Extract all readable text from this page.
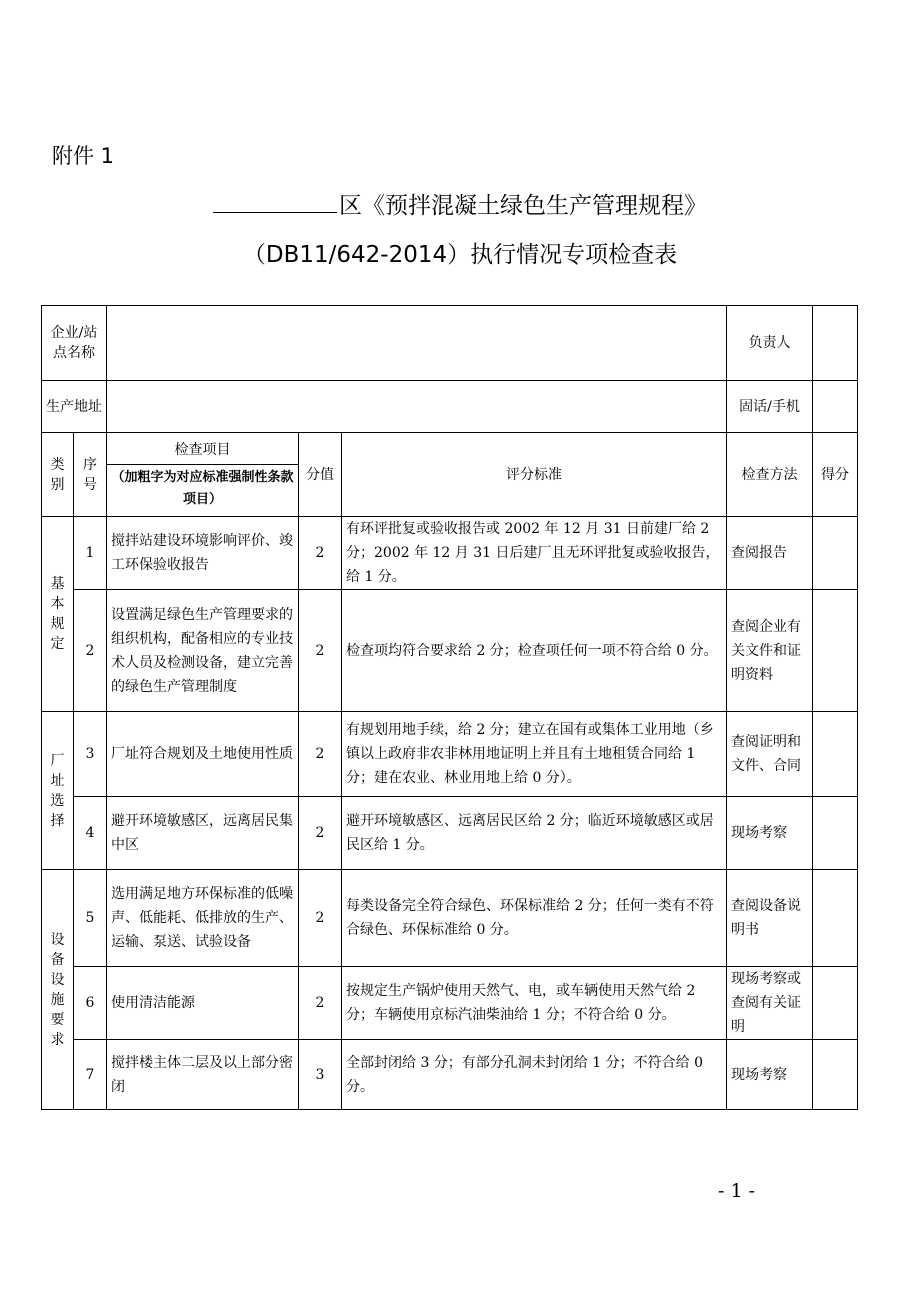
附件 1
区《预拌混凝土绿色生产管理规程》
（DB11/642-2014）执行情况专项检查表
企业/站点名称					负责人	
生产地址					固话/手机	
类别	序号	检查项目
（加粗字为对应标准强制性条款项目）	分值	评分标准	检查方法	得分
基本规定	1	搅拌站建设环境影响评价、竣工环保验收报告	2	有环评批复或验收报告或 2002 年 12 月 31 日前建厂给 2 分；2002 年 12 月 31 日后建厂且无环评批复或验收报告，给 1 分。	查阅报告	
	2	设置满足绿色生产管理要求的组织机构，配备相应的专业技术人员及检测设备，建立完善的绿色生产管理制度	2	检查项均符合要求给 2 分；检查项任何一项不符合给 0 分。	查阅企业有关文件和证明资料	
厂址选择	3	厂址符合规划及土地使用性质	2	有规划用地手续，给 2 分；建立在国有或集体工业用地（乡镇以上政府非农非林用地证明上并且有土地租赁合同给 1 分；建在农业、林业用地上给 0 分）。	查阅证明和文件、合同	
	4	避开环境敏感区，远离居民集中区	2	避开环境敏感区、远离居民区给 2 分；临近环境敏感区或居民区给 1 分。	现场考察	
设备设施要求	5	选用满足地方环保标准的低噪声、低能耗、低排放的生产、运输、泵送、试验设备	2	每类设备完全符合绿色、环保标准给 2 分；任何一类有不符合绿色、环保标准给 0 分。	查阅设备说明书	
	6	使用清洁能源	2	按规定生产锅炉使用天然气、电，或车辆使用天然气给 2 分；车辆使用京标汽油柴油给 1 分；不符合给 0 分。	现场考察或查阅有关证明	
	7	搅拌楼主体二层及以上部分密闭	3	全部封闭给 3 分；有部分孔洞未封闭给 1 分；不符合给 0 分。	现场考察	
- 1 -
